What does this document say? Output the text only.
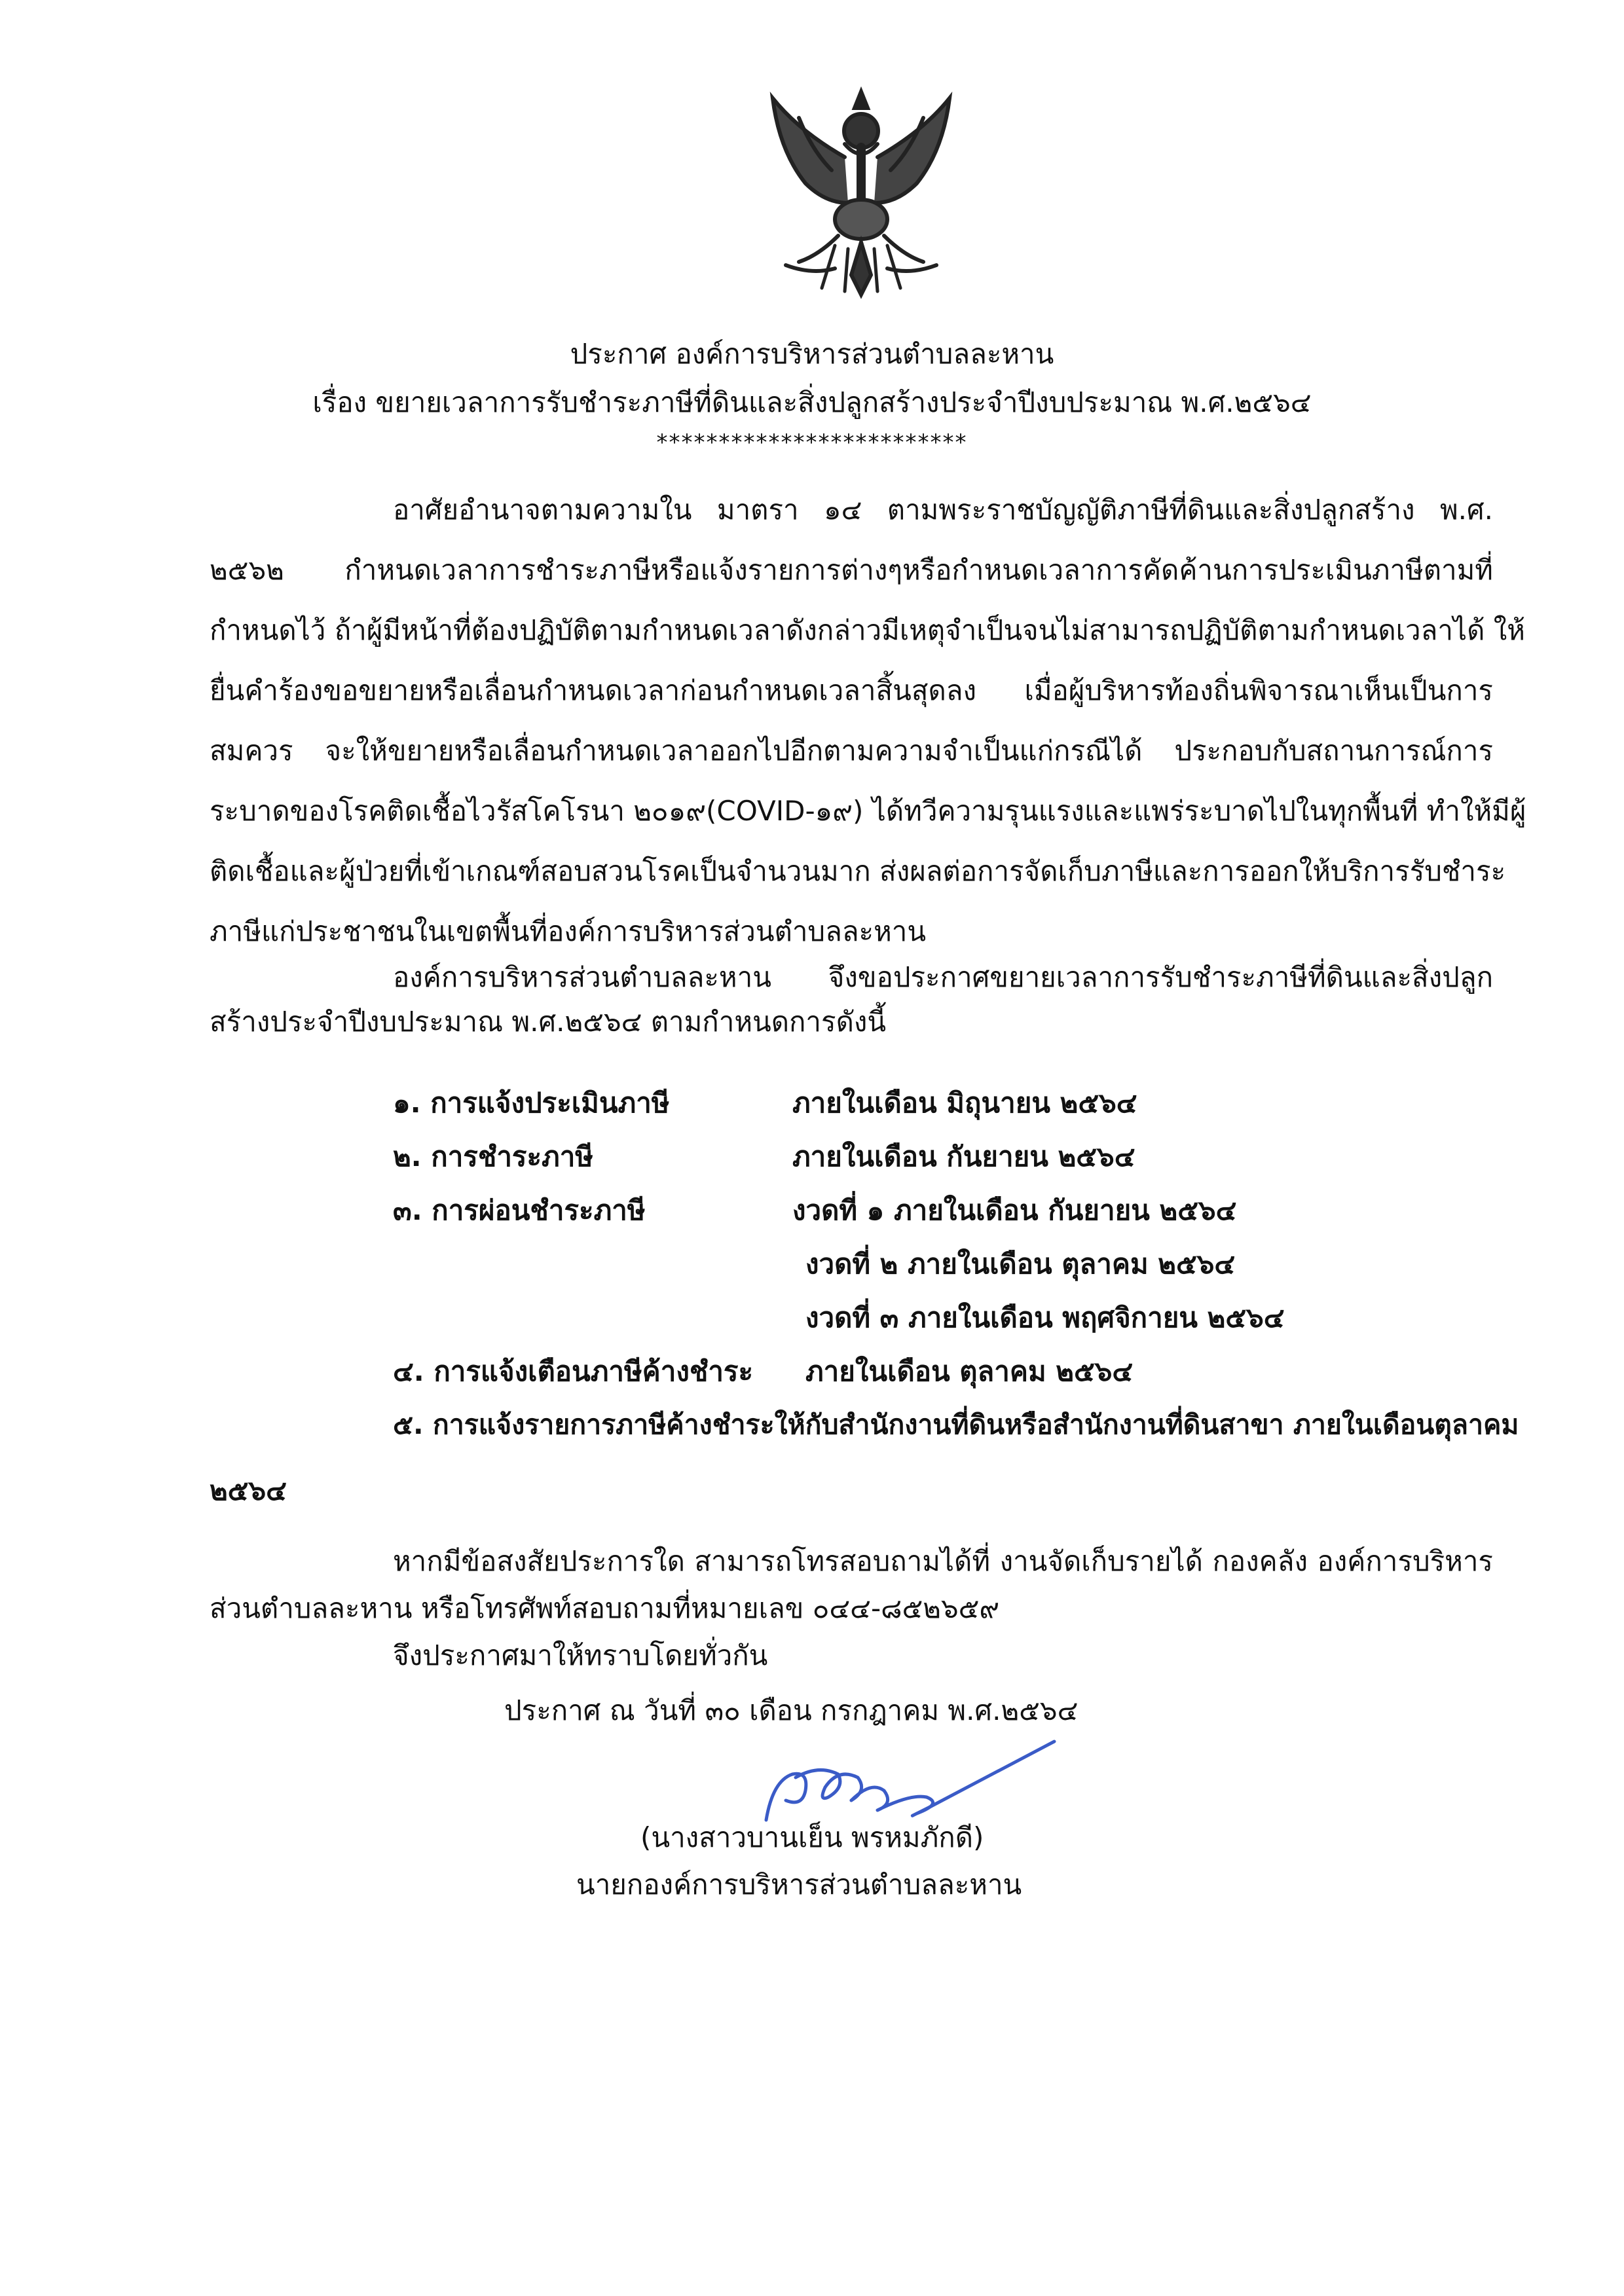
ประกาศ องค์การบริหารส่วนตำบลละหาน
เรื่อง ขยายเวลาการรับชำระภาษีที่ดินและสิ่งปลูกสร้างประจำปีงบประมาณ พ.ศ.๒๕๖๔
*************************
อาศัยอำนาจตามความใน มาตรา ๑๔ ตามพระราชบัญญัติภาษีที่ดินและสิ่งปลูกสร้าง พ.ศ.
๒๕๖๒ กำหนดเวลาการชำระภาษีหรือแจ้งรายการต่างๆหรือกำหนดเวลาการคัดค้านการประเมินภาษีตามที่
กำหนดไว้ ถ้าผู้มีหน้าที่ต้องปฏิบัติตามกำหนดเวลาดังกล่าวมีเหตุจำเป็นจนไม่สามารถปฏิบัติตามกำหนดเวลาได้ ให้
ยื่นคำร้องขอขยายหรือเลื่อนกำหนดเวลาก่อนกำหนดเวลาสิ้นสุดลง เมื่อผู้บริหารท้องถิ่นพิจารณาเห็นเป็นการ
สมควร จะให้ขยายหรือเลื่อนกำหนดเวลาออกไปอีกตามความจำเป็นแก่กรณีได้ ประกอบกับสถานการณ์การ
ระบาดของโรคติดเชื้อไวรัสโคโรนา ๒๐๑๙(COVID-๑๙) ได้ทวีความรุนแรงและแพร่ระบาดไปในทุกพื้นที่ ทำให้มีผู้
ติดเชื้อและผู้ป่วยที่เข้าเกณฑ์สอบสวนโรคเป็นจำนวนมาก ส่งผลต่อการจัดเก็บภาษีและการออกให้บริการรับชำระ
ภาษีแก่ประชาชนในเขตพื้นที่องค์การบริหารส่วนตำบลละหาน
องค์การบริหารส่วนตำบลละหาน จึงขอประกาศขยายเวลาการรับชำระภาษีที่ดินและสิ่งปลูก
สร้างประจำปีงบประมาณ พ.ศ.๒๕๖๔ ตามกำหนดการดังนี้
๑. การแจ้งประเมินภาษี	ภายในเดือน มิถุนายน ๒๕๖๔
๒. การชำระภาษี	ภายในเดือน กันยายน ๒๕๖๔
๓. การผ่อนชำระภาษี	งวดที่ ๑ ภายในเดือน กันยายน ๒๕๖๔
งวดที่ ๒ ภายในเดือน ตุลาคม ๒๕๖๔
งวดที่ ๓ ภายในเดือน พฤศจิกายน ๒๕๖๔
๔. การแจ้งเตือนภาษีค้างชำระ ภายในเดือน ตุลาคม ๒๕๖๔
๕. การแจ้งรายการภาษีค้างชำระให้กับสำนักงานที่ดินหรือสำนักงานที่ดินสาขา ภายในเดือนตุลาคม
๒๕๖๔
หากมีข้อสงสัยประการใด สามารถโทรสอบถามได้ที่ งานจัดเก็บรายได้ กองคลัง องค์การบริหาร
ส่วนตำบลละหาน หรือโทรศัพท์สอบถามที่หมายเลข ๐๔๔-๘๕๒๖๕๙
จึงประกาศมาให้ทราบโดยทั่วกัน
ประกาศ ณ วันที่ ๓๐ เดือน กรกฎาคม พ.ศ.๒๕๖๔
(นางสาวบานเย็น พรหมภักดี)
นายกองค์การบริหารส่วนตำบลละหาน
